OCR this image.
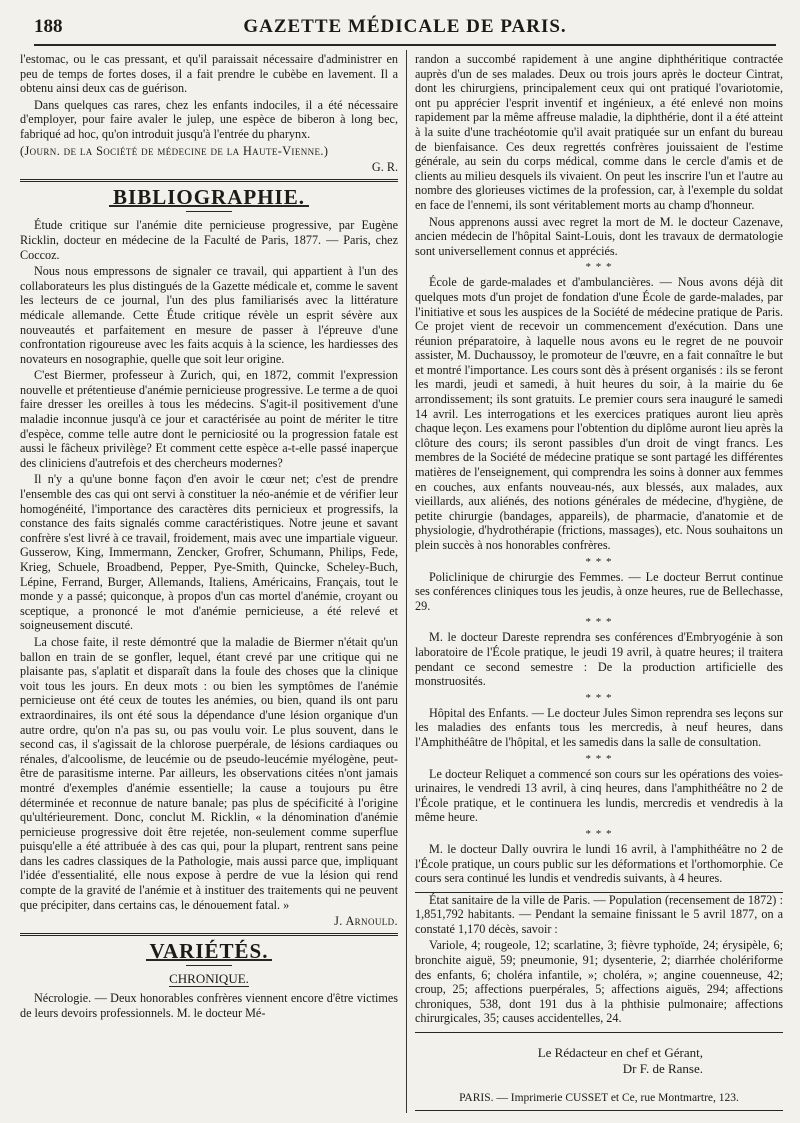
188	GAZETTE MÉDICALE DE PARIS.

l'estomac, ou le cas pressant, et qu'il paraissait nécessaire d'administrer en peu de temps de fortes doses, il a fait prendre le cubèbe en lavement. Il a obtenu ainsi deux cas de guérison.

Dans quelques cas rares, chez les enfants indociles, il a été nécessaire d'employer, pour faire avaler le julep, une espèce de biberon à long bec, fabriqué ad hoc, qu'on introduit jusqu'à l'entrée du pharynx.

(Journ. de la Société de médecine de la Haute-Vienne.)

G. R.
BIBLIOGRAPHIE.

Étude critique sur l'anémie dite pernicieuse progressive, par Eugène Ricklin, docteur en médecine de la Faculté de Paris, 1877. — Paris, chez Coccoz.

Nous nous empressons de signaler ce travail, qui appartient à l'un des collaborateurs les plus distingués de la Gazette médicale et, comme le savent les lecteurs de ce journal, l'un des plus familiarisés avec la littérature médicale allemande. Cette Étude critique révèle un esprit sévère aux nouveautés et parfaitement en mesure de passer à l'épreuve d'une confrontation rigoureuse avec les faits acquis à la science, les hardiesses des novateurs en nosographie, quelle que soit leur origine.

C'est Biermer, professeur à Zurich, qui, en 1872, commit l'expression nouvelle et prétentieuse d'anémie pernicieuse progressive. Le terme a de quoi faire dresser les oreilles à tous les médecins. S'agit-il positivement d'une maladie inconnue jusqu'à ce jour et caractérisée au point de mériter le titre d'espèce, comme telle autre dont le perniciosité ou la progression fatale est aussi le fâcheux privilège? Et comment cette espèce a-t-elle passé inaperçue des cliniciens d'autrefois et des chercheurs modernes?

Il n'y a qu'une bonne façon d'en avoir le cœur net; c'est de prendre l'ensemble des cas qui ont servi à constituer la néo-anémie et de vérifier leur homogénéité, l'importance des caractères dits pernicieux et progressifs, la constance des faits signalés comme caractéristiques. Notre jeune et savant confrère s'est livré à ce travail, froidement, mais avec une impartiale vigueur. Gusserow, King, Immermann, Zencker, Grofrer, Schumann, Philips, Fede, Krieg, Schuele, Broadbend, Pepper, Pye-Smith, Quincke, Scheley-Buch, Lépine, Ferrand, Burger, Allemands, Italiens, Américains, Français, tout le monde y a passé; quiconque, à propos d'un cas mortel d'anémie, croyant ou sceptique, a prononcé le mot d'anémie pernicieuse, a été relevé et soigneusement discuté.

La chose faite, il reste démontré que la maladie de Biermer n'était qu'un ballon en train de se gonfler, lequel, étant crevé par une critique qui ne plaisante pas, s'aplatit et disparaît dans la foule des choses que la clinique voit tous les jours. En deux mots : ou bien les symptômes de l'anémie pernicieuse ont été ceux de toutes les anémies, ou bien, quand ils ont paru extraordinaires, ils ont été sous la dépendance d'une lésion organique d'un autre ordre, qu'on n'a pas su, ou pas voulu voir. Le plus souvent, dans le second cas, il s'agissait de la chlorose puerpérale, de lésions cardiaques ou rénales, d'alcoolisme, de leucémie ou de pseudo-leucémie myélogène, peut-être de parasitisme interne. Par ailleurs, les observations citées n'ont jamais montré d'exemples d'anémie essentielle; la cause a toujours pu être déterminée et reconnue de nature banale; pas plus de spécificité à l'origine qu'ultérieurement. Donc, conclut M. Ricklin, « la dénomination d'anémie pernicieuse progressive doit être rejetée, non-seulement comme superflue puisqu'elle a été attribuée à des cas qui, pour la plupart, rentrent sans peine dans les cadres classiques de la Pathologie, mais aussi parce que, impliquant l'idée d'essentialité, elle nous expose à perdre de vue la lésion qui rend compte de la gravité de l'anémie et à instituer des traitements qui ne peuvent que précipiter, dans certains cas, le dénouement fatal. »

J. Arnould.
VARIÉTÉS.
CHRONIQUE.

Nécrologie. — Deux honorables confrères viennent encore d'être victimes de leurs devoirs professionnels. M. le docteur Mé-

randon a succombé rapidement à une angine diphthéritique contractée auprès d'un de ses malades. Deux ou trois jours après le docteur Cintrat, dont les chirurgiens, principalement ceux qui ont pratiqué l'ovariotomie, ont pu apprécier l'esprit inventif et ingénieux, a été enlevé non moins rapidement par la même affreuse maladie, la diphthérie, dont il a été atteint à la suite d'une trachéotomie qu'il avait pratiquée sur un enfant du bureau de bienfaisance. Ces deux regrettés confrères jouissaient de l'estime générale, au sein du corps médical, comme dans le cercle d'amis et de clients au milieu desquels ils vivaient. On peut les inscrire l'un et l'autre au nombre des glorieuses victimes de la profession, car, à l'exemple du soldat en face de l'ennemi, ils sont véritablement morts au champ d'honneur.

Nous apprenons aussi avec regret la mort de M. le docteur Cazenave, ancien médecin de l'hôpital Saint-Louis, dont les travaux de dermatologie sont universellement connus et appréciés.

* * *

École de garde-malades et d'ambulancières. — Nous avons déjà dit quelques mots d'un projet de fondation d'une École de garde-malades, par l'initiative et sous les auspices de la Société de médecine pratique de Paris. Ce projet vient de recevoir un commencement d'exécution. Dans une réunion préparatoire, à laquelle nous avons eu le regret de ne pouvoir assister, M. Duchaussoy, le promoteur de l'œuvre, en a fait connaître le but et montré l'importance. Les cours sont dès à présent organisés : ils se feront les mardi, jeudi et samedi, à huit heures du soir, à la mairie du 6e arrondissement; ils sont gratuits. Le premier cours sera inauguré le samedi 14 avril. Les interrogations et les exercices pratiques auront lieu après chaque leçon. Les examens pour l'obtention du diplôme auront lieu après la clôture des cours; ils seront passibles d'un droit de vingt francs. Les membres de la Société de médecine pratique se sont partagé les différentes matières de l'enseignement, qui comprendra les soins à donner aux femmes en couches, aux enfants nouveau-nés, aux blessés, aux malades, aux vieillards, aux aliénés, des notions générales de médecine, d'hygiène, de petite chirurgie (bandages, appareils), de pharmacie, d'anatomie et de physiologie, d'hydrothérapie (frictions, massages), etc. Nous souhaitons un plein succès à nos honorables confrères.

* * *

Policlinique de chirurgie des Femmes. — Le docteur Berrut continue ses conférences cliniques tous les jeudis, à onze heures, rue de Bellechasse, 29.

* * *

M. le docteur Dareste reprendra ses conférences d'Embryogénie à son laboratoire de l'École pratique, le jeudi 19 avril, à quatre heures; il traitera pendant ce second semestre : De la production artificielle des monstruosités.

* * *

Hôpital des Enfants. — Le docteur Jules Simon reprendra ses leçons sur les maladies des enfants tous les mercredis, à neuf heures, dans l'Amphithéâtre de l'hôpital, et les samedis dans la salle de consultation.

* * *

Le docteur Reliquet a commencé son cours sur les opérations des voies-urinaires, le vendredi 13 avril, à cinq heures, dans l'amphithéâtre no 2 de l'École pratique, et le continuera les lundis, mercredis et vendredis à la même heure.

* * *

M. le docteur Dally ouvrira le lundi 16 avril, à l'amphithéâtre no 2 de l'École pratique, un cours public sur les déformations et l'orthomorphie. Ce cours sera continué les lundis et vendredis suivants, à 4 heures.

État sanitaire de la ville de Paris. — Population (recensement de 1872) : 1,851,792 habitants. — Pendant la semaine finissant le 5 avril 1877, on a constaté 1,170 décès, savoir :

Variole, 4; rougeole, 12; scarlatine, 3; fièvre typhoïde, 24; érysipèle, 6; bronchite aiguë, 59; pneumonie, 91; dysenterie, 2; diarrhée cholériforme des enfants, 6; choléra infantile, »; choléra, »; angine couenneuse, 42; croup, 25; affections puerpérales, 5; affections aiguës, 294; affections chroniques, 538, dont 191 dus à la phthisie pulmonaire; affections chirurgicales, 35; causes accidentelles, 24.

Le Rédacteur en chef et Gérant,
Dr F. de Ranse.
PARIS. — Imprimerie CUSSET et Ce, rue Montmartre, 123.
